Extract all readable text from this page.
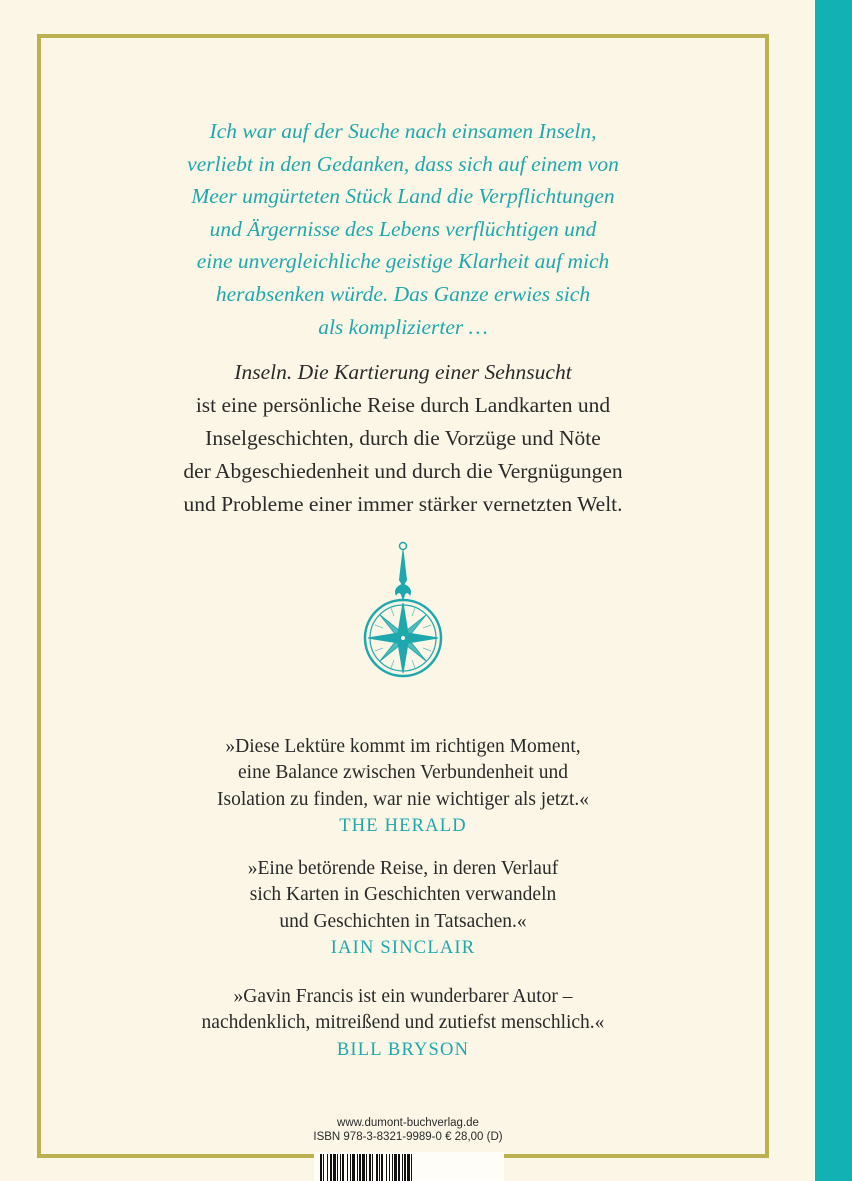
Ich war auf der Suche nach einsamen Inseln,
verliebt in den Gedanken, dass sich auf einem von
Meer umgürteten Stück Land die Verpflichtungen
und Ärgernisse des Lebens verflüchtigen und
eine unvergleichliche geistige Klarheit auf mich
herabsenken würde. Das Ganze erwies sich
als komplizierter …
Inseln. Die Kartierung einer Sehnsucht
ist eine persönliche Reise durch Landkarten und
Inselgeschichten, durch die Vorzüge und Nöte
der Abgeschiedenheit und durch die Vergnügungen
und Probleme einer immer stärker vernetzten Welt.
»Diese Lektüre kommt im richtigen Moment,
eine Balance zwischen Verbundenheit und
Isolation zu finden, war nie wichtiger als jetzt.«
THE HERALD
»Eine betörende Reise, in deren Verlauf
sich Karten in Geschichten verwandeln
und Geschichten in Tatsachen.«
IAIN SINCLAIR
»Gavin Francis ist ein wunderbarer Autor –
nachdenklich, mitreißend und zutiefst menschlich.«
BILL BRYSON
www.dumont-buchverlag.de
ISBN 978-3-8321-9989-0 € 28,00 (D)
